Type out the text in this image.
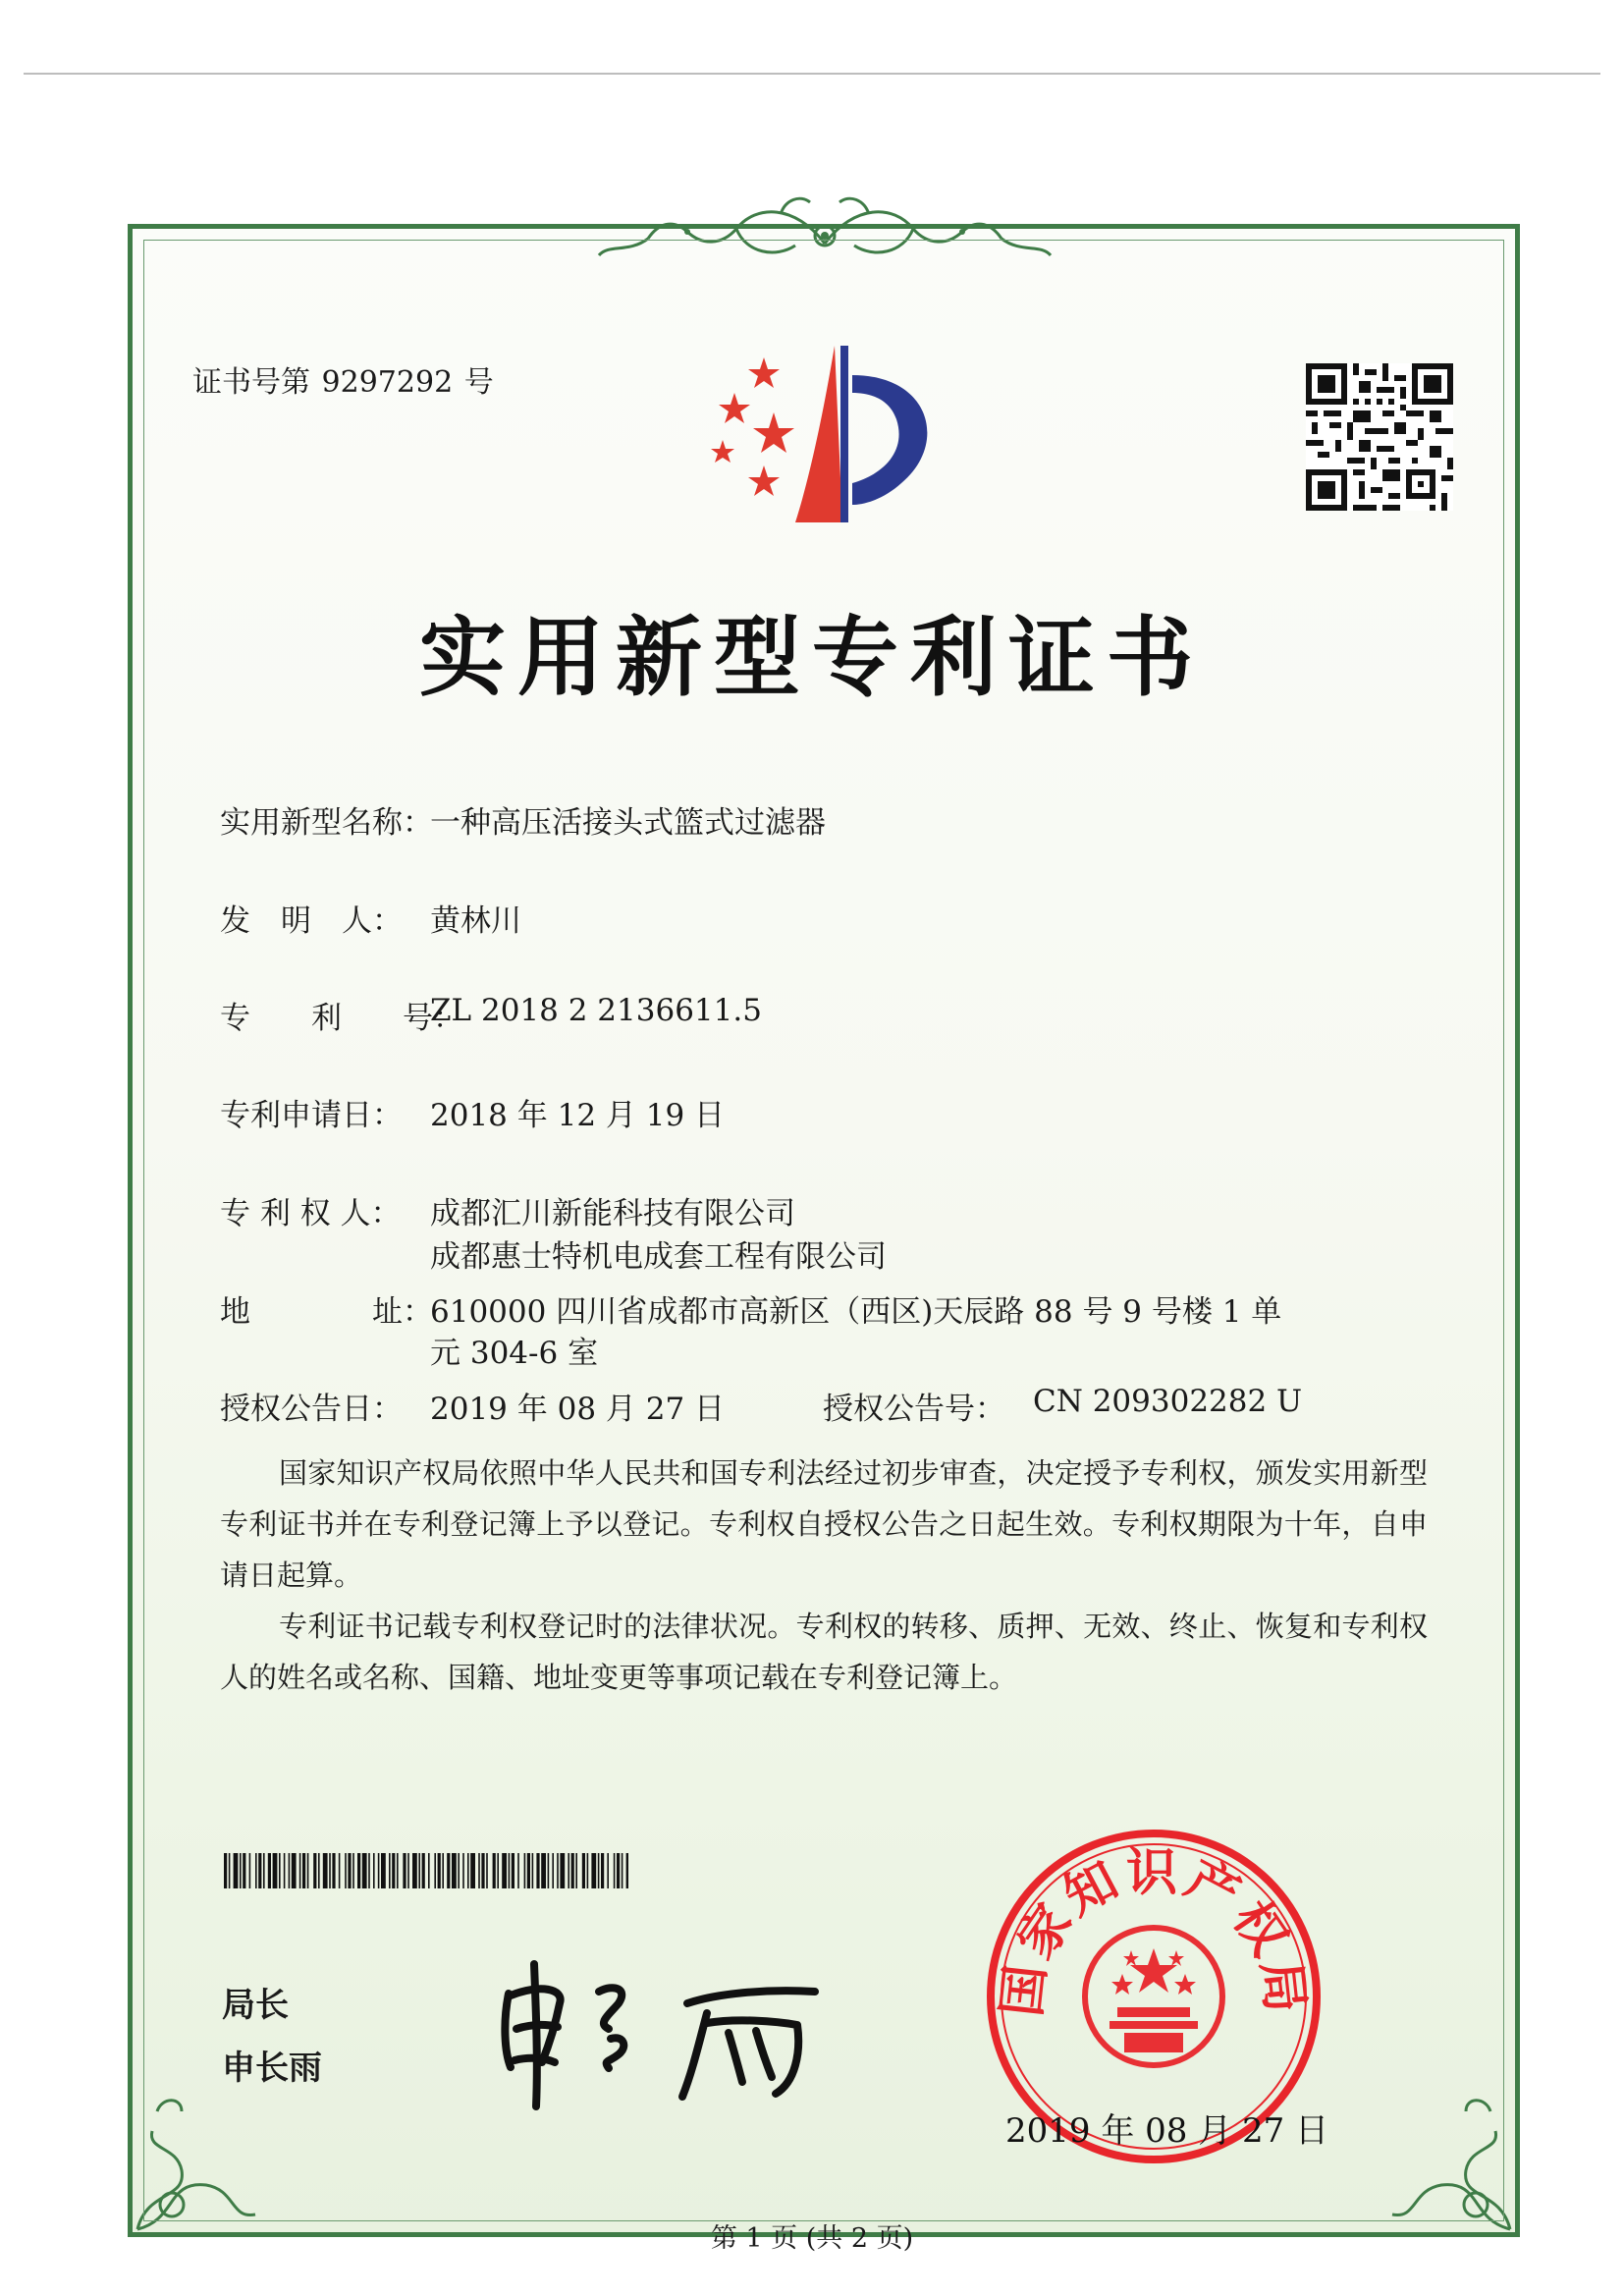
证书号第 9297292 号
实用新型专利证书
实用新型名称：
一种高压活接头式篮式过滤器
发　明　人： 黄林川
专　　利　　号：
ZL 2018 2 2136611.5
专利申请日： 2018 年 12 月 19 日
专 利 权 人： 成都汇川新能科技有限公司
成都惠士特机电成套工程有限公司
地　　　　址：
610000 四川省成都市高新区（西区)天辰路 88 号 9 号楼 1 单
元 304-6 室
授权公告日： 2019 年 08 月 27 日	授权公告号： CN 209302282 U
国家知识产权局依照中华人民共和国专利法经过初步审查，决定授予专利权，颁发实用新型专利证书并在专利登记簿上予以登记。专利权自授权公告之日起生效。专利权期限为十年，自申请日起算。
专利证书记载专利权登记时的法律状况。专利权的转移、质押、无效、终止、恢复和专利权人的姓名或名称、国籍、地址变更等事项记载在专利登记簿上。
局长
申长雨
国家知识产权局
2019 年 08 月 27 日
第 1 页 (共 2 页)
